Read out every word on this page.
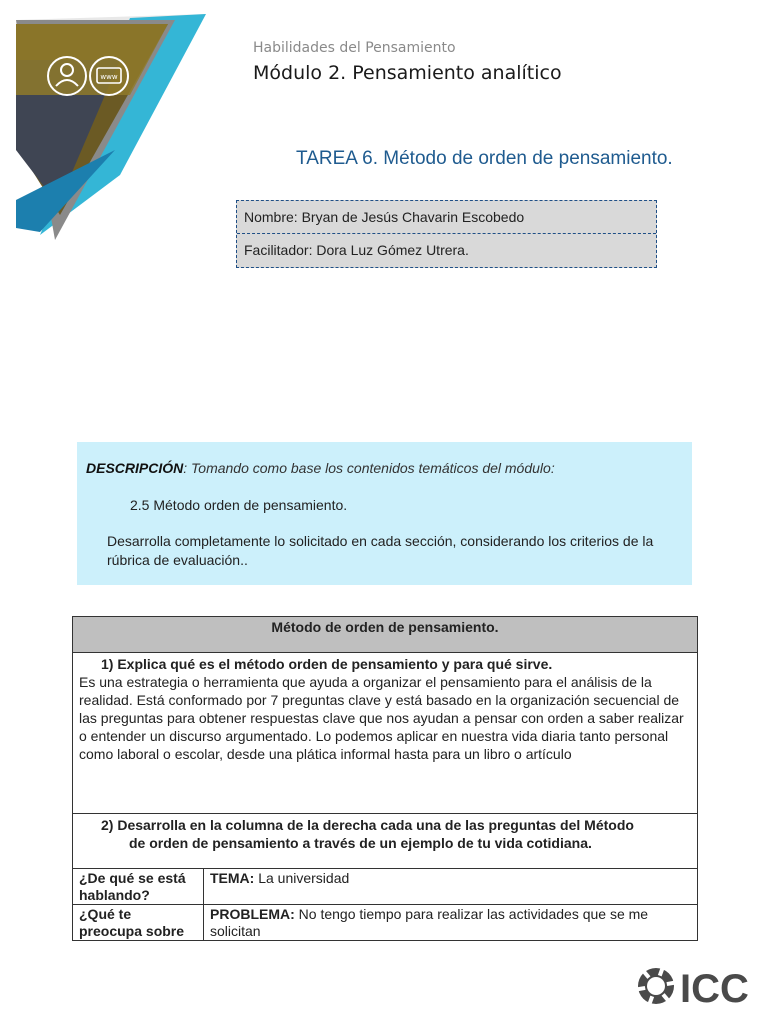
www
Habilidades del Pensamiento
Módulo 2. Pensamiento analítico
TAREA 6. Método de orden de pensamiento.
Nombre: Bryan de Jesús Chavarin Escobedo
Facilitador: Dora Luz Gómez Utrera.
DESCRIPCIÓN: Tomando como base los contenidos temáticos del módulo:
2.5 Método orden de pensamiento.
Desarrolla completamente lo solicitado en cada sección, considerando los criterios de la rúbrica de evaluación..
Método de orden de pensamiento.	

1) Explica qué es el método orden de pensamiento y para qué sirve.
Es una estrategia o herramienta que ayuda a organizar el pensamiento para el análisis de la realidad. Está conformado por 7 preguntas clave y está basado en la organización secuencial de las preguntas para obtener respuestas clave que nos ayudan a pensar con orden a saber realizar o entender un discurso argumentado. Lo podemos aplicar en nuestra vida diaria tanto personal como laboral o escolar, desde una plática informal hasta para un libro o artículo	

2) Desarrolla en la columna de la derecha cada una de las preguntas del Método
de orden de pensamiento a través de un ejemplo de tu vida cotidiana.	

¿De qué se está hablando?	TEMA: La universidad
¿Qué te preocupa sobre	PROBLEMA: No tengo tiempo para realizar las actividades que se me solicitan
ICC
